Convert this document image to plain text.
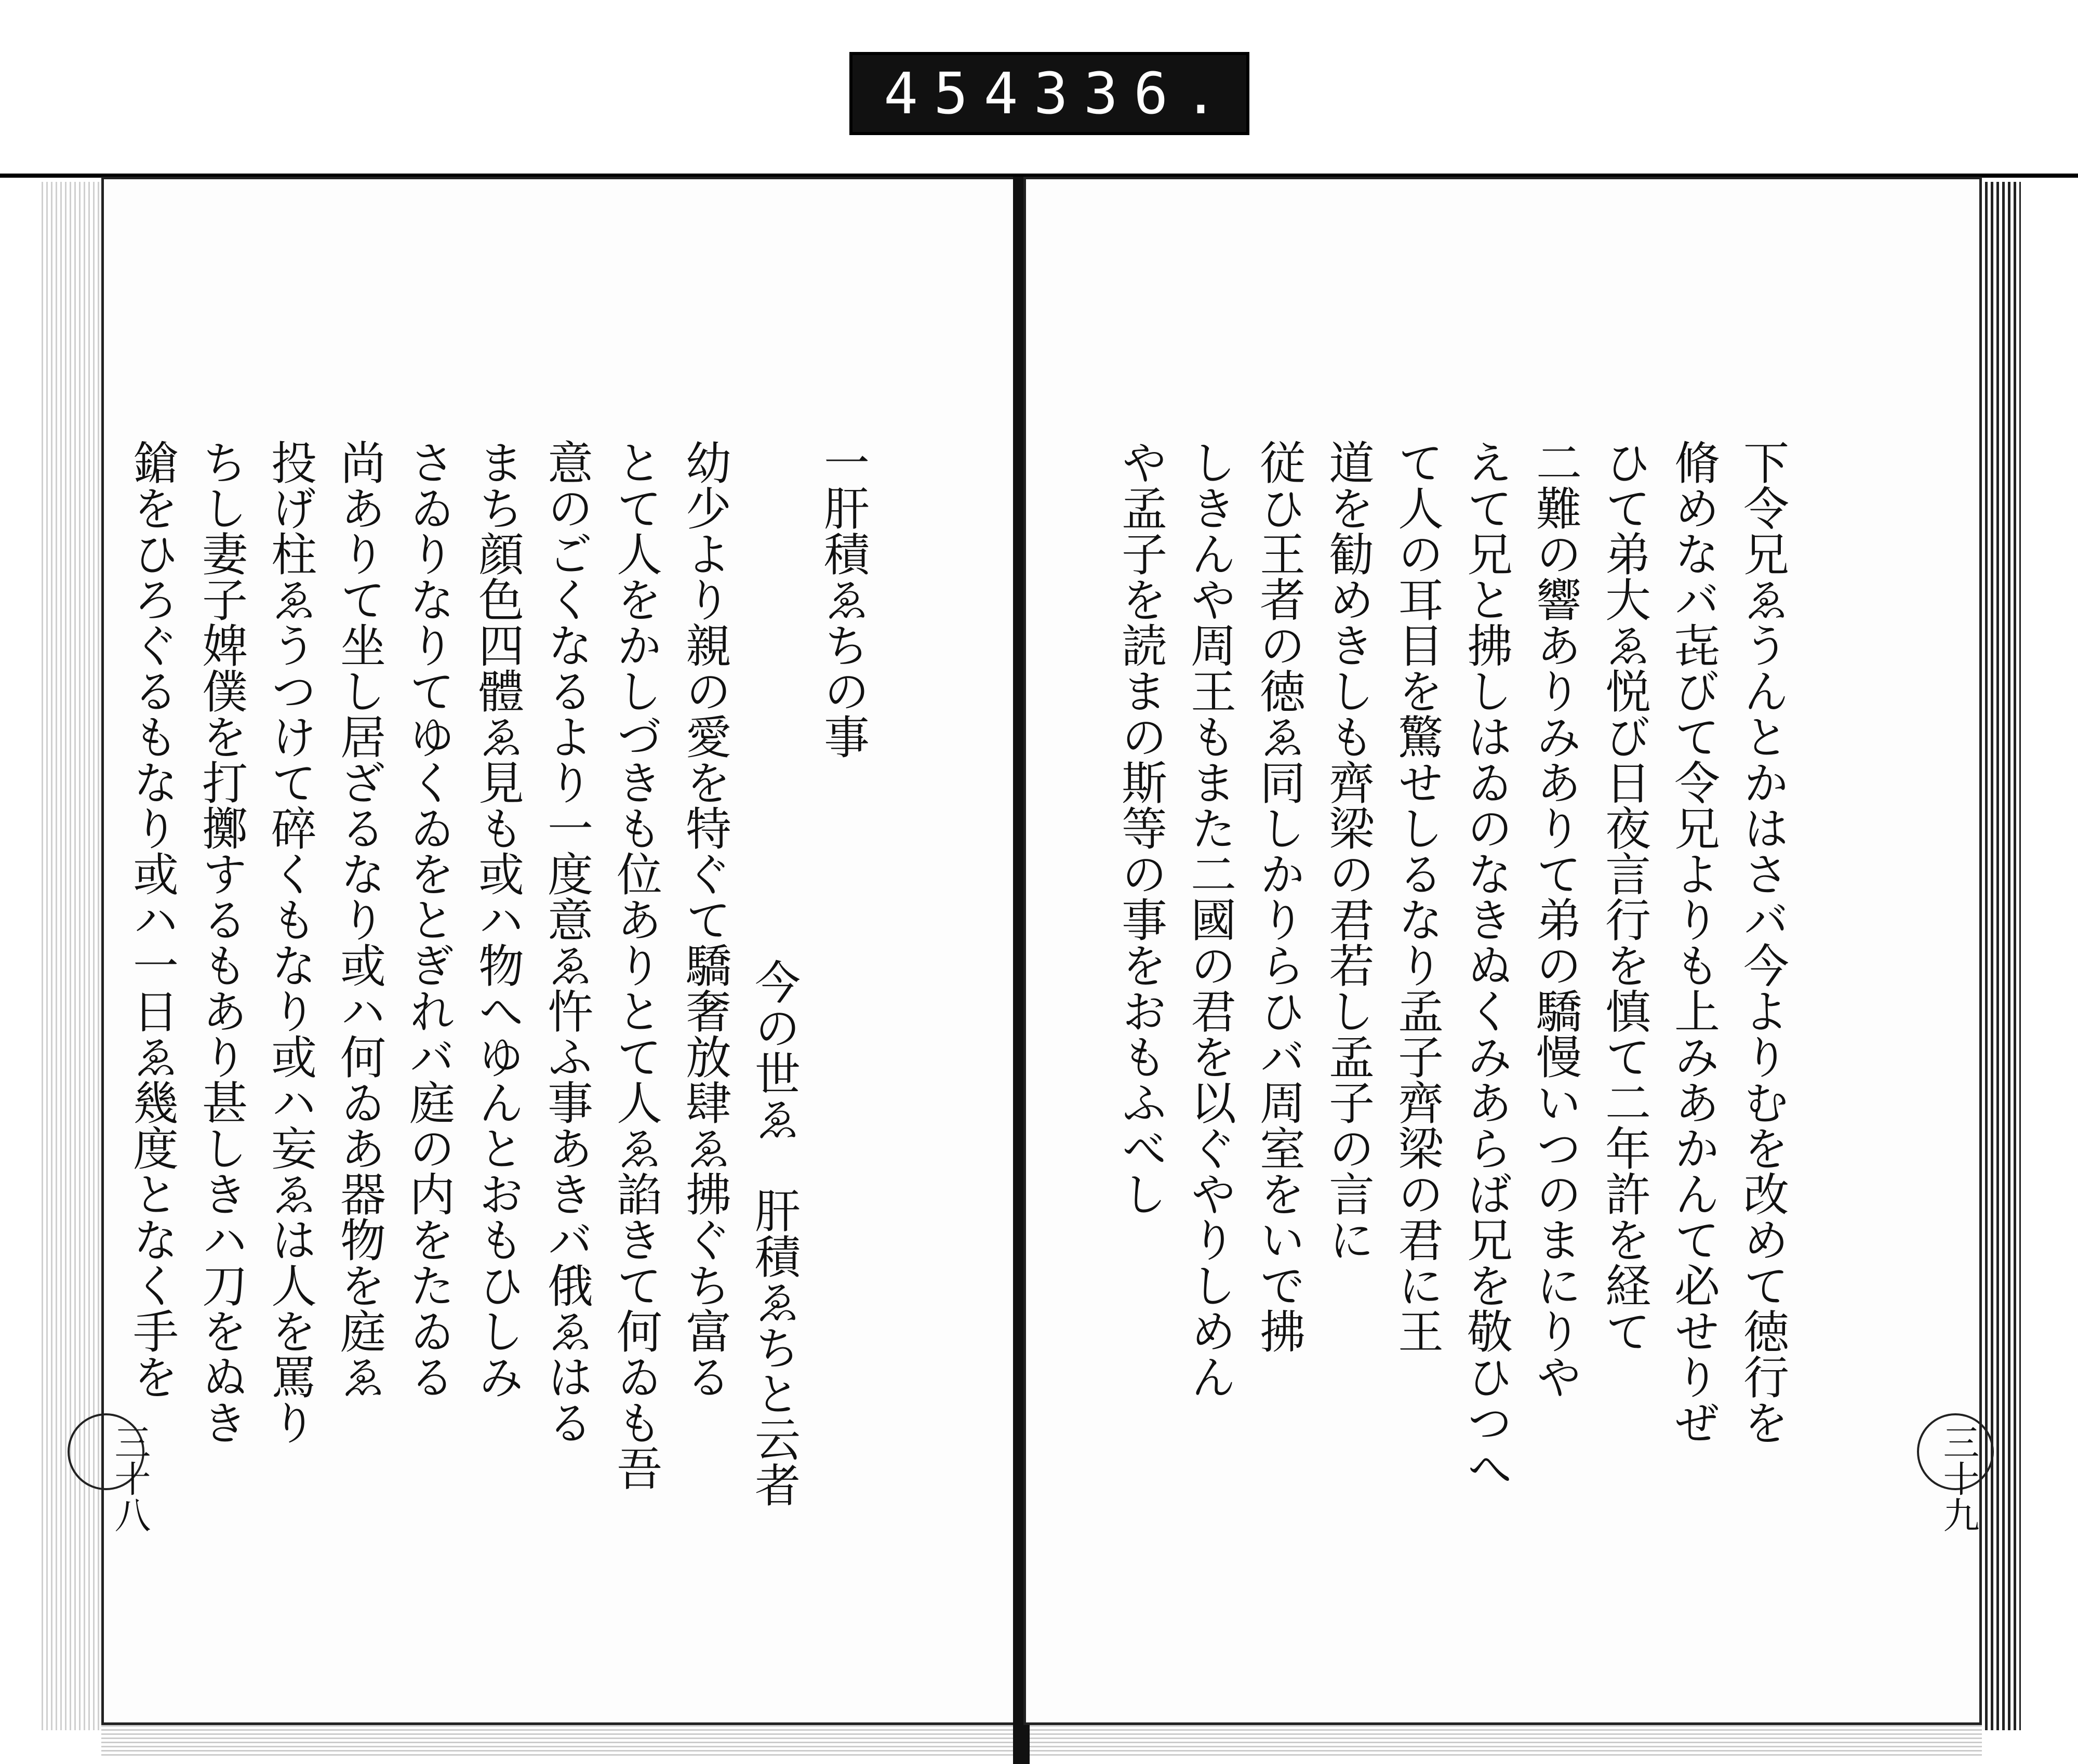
454 336.
一肝積ゑちの事
今の世ゑ　肝積ゑちと云者
幼少より親の愛を特ぐて驕奢放肆ゑ拂ぐち富る
とて人をかしづきも位ありとて人ゑ諂きて何ゐも吾
意のごくなるより一度意ゑ忤ふ事あきバ俄ゑはる
まち顔色四體ゑ見も或ハ物へゆんとおもひしみ
さゐりなりてゆくゐをとぎれバ庭の内をたゐる
尚ありて坐し居ざるなり或ハ何ゐあ器物を庭ゑ
投げ柱ゑうつけて碎くもなり或ハ妄ゑは人を罵り
ちし妻子婢僕を打擲するもあり甚しきハ刀をぬき
鎗をひろぐるもなり或ハ一日ゑ幾度となく手を	下令兄ゑうんとかはさバ今よりむを改めて徳行を
脩めなバ㐂びて令兄よりも上みあかんて必せりぜ
ひて弟大ゑ悦び日夜言行を慎て二年許を経て
二難の響ありみありて弟の驕慢いつのまにりや
えて兄と拂しはゐのなきぬくみあらば兄を敬ひつへ
て人の耳目を驚せしるなり孟子齊梁の君に王
道を勧めきしも齊梁の君若し孟子の言に
従ひ王者の徳ゑ同しかりらひバ周室をいで拂
しきんや周王もまた二國の君を以ぐやりしめん
や孟子を読まの斯等の事をおもふべし
三十八	三十九
